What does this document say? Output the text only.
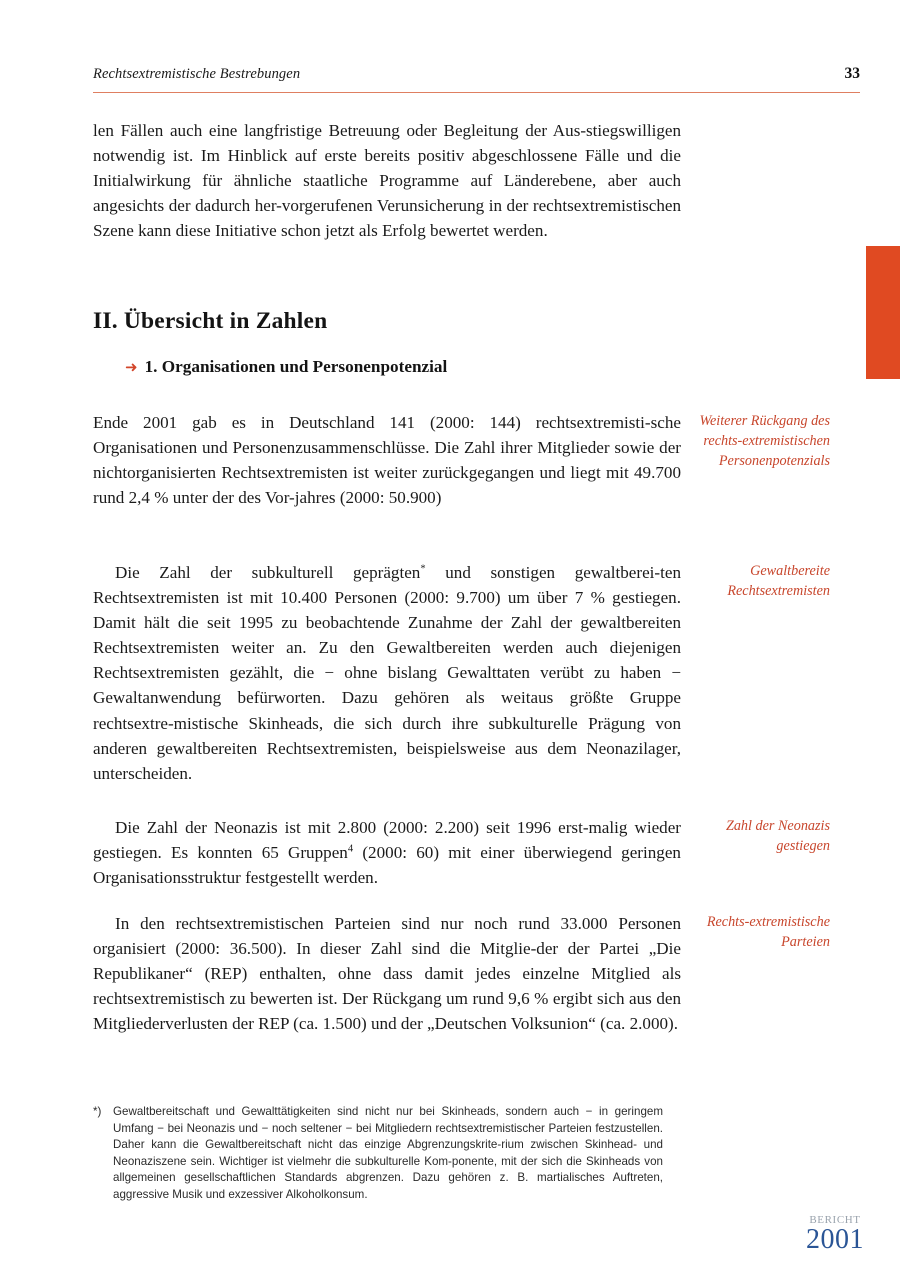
Rechtsextremistische Bestrebungen	33

len Fällen auch eine langfristige Betreuung oder Begleitung der Aus-stiegswilligen notwendig ist. Im Hinblick auf erste bereits positiv abgeschlossene Fälle und die Initialwirkung für ähnliche staatliche Programme auf Länderebene, aber auch angesichts der dadurch her-vorgerufenen Verunsicherung in der rechtsextremistischen Szene kann diese Initiative schon jetzt als Erfolg bewertet werden.

II. Übersicht in Zahlen
➜ 1. Organisationen und Personenpotenzial

Ende 2001 gab es in Deutschland 141 (2000: 144) rechtsextremisti-sche Organisationen und Personenzusammenschlüsse. Die Zahl ihrer Mitglieder sowie der nichtorganisierten Rechtsextremisten ist weiter zurückgegangen und liegt mit 49.700 rund 2,4 % unter der des Vor-jahres (2000: 50.900)

Weiterer Rückgang des rechts-extremistischen Personenpotenzials

Die Zahl der subkulturell geprägten* und sonstigen gewaltberei-ten Rechtsextremisten ist mit 10.400 Personen (2000: 9.700) um über 7 % gestiegen. Damit hält die seit 1995 zu beobachtende Zunahme der Zahl der gewaltbereiten Rechtsextremisten weiter an. Zu den Gewaltbereiten werden auch diejenigen Rechtsextremisten gezählt, die − ohne bislang Gewalttaten verübt zu haben − Gewaltanwendung befürworten. Dazu gehören als weitaus größte Gruppe rechtsextre-mistische Skinheads, die sich durch ihre subkulturelle Prägung von anderen gewaltbereiten Rechtsextremisten, beispielsweise aus dem Neonazilager, unterscheiden.

Gewaltbereite Rechtsextremisten

Die Zahl der Neonazis ist mit 2.800 (2000: 2.200) seit 1996 erst-malig wieder gestiegen. Es konnten 65 Gruppen$^4$ (2000: 60) mit einer überwiegend geringen Organisationsstruktur festgestellt werden.

Zahl der Neonazis gestiegen

In den rechtsextremistischen Parteien sind nur noch rund 33.000 Personen organisiert (2000: 36.500). In dieser Zahl sind die Mitglie-der der Partei „Die Republikaner“ (REP) enthalten, ohne dass damit jedes einzelne Mitglied als rechtsextremistisch zu bewerten ist. Der Rückgang um rund 9,6 % ergibt sich aus den Mitgliederverlusten der REP (ca. 1.500) und der „Deutschen Volksunion“ (ca. 2.000).

Rechts-extremistische Parteien
*) Gewaltbereitschaft und Gewalttätigkeiten sind nicht nur bei Skinheads, sondern auch − in geringem Umfang − bei Neonazis und − noch seltener − bei Mitgliedern rechtsextremistischer Parteien festzustellen. Daher kann die Gewaltbereitschaft nicht das einzige Abgrenzungskrite-rium zwischen Skinhead- und Neonaziszene sein. Wichtiger ist vielmehr die subkulturelle Kom-ponente, mit der sich die Skinheads von allgemeinen gesellschaftlichen Standards abgrenzen. Dazu gehören z. B. martialisches Auftreten, aggressive Musik und exzessiver Alkoholkonsum.
bericht
2001
